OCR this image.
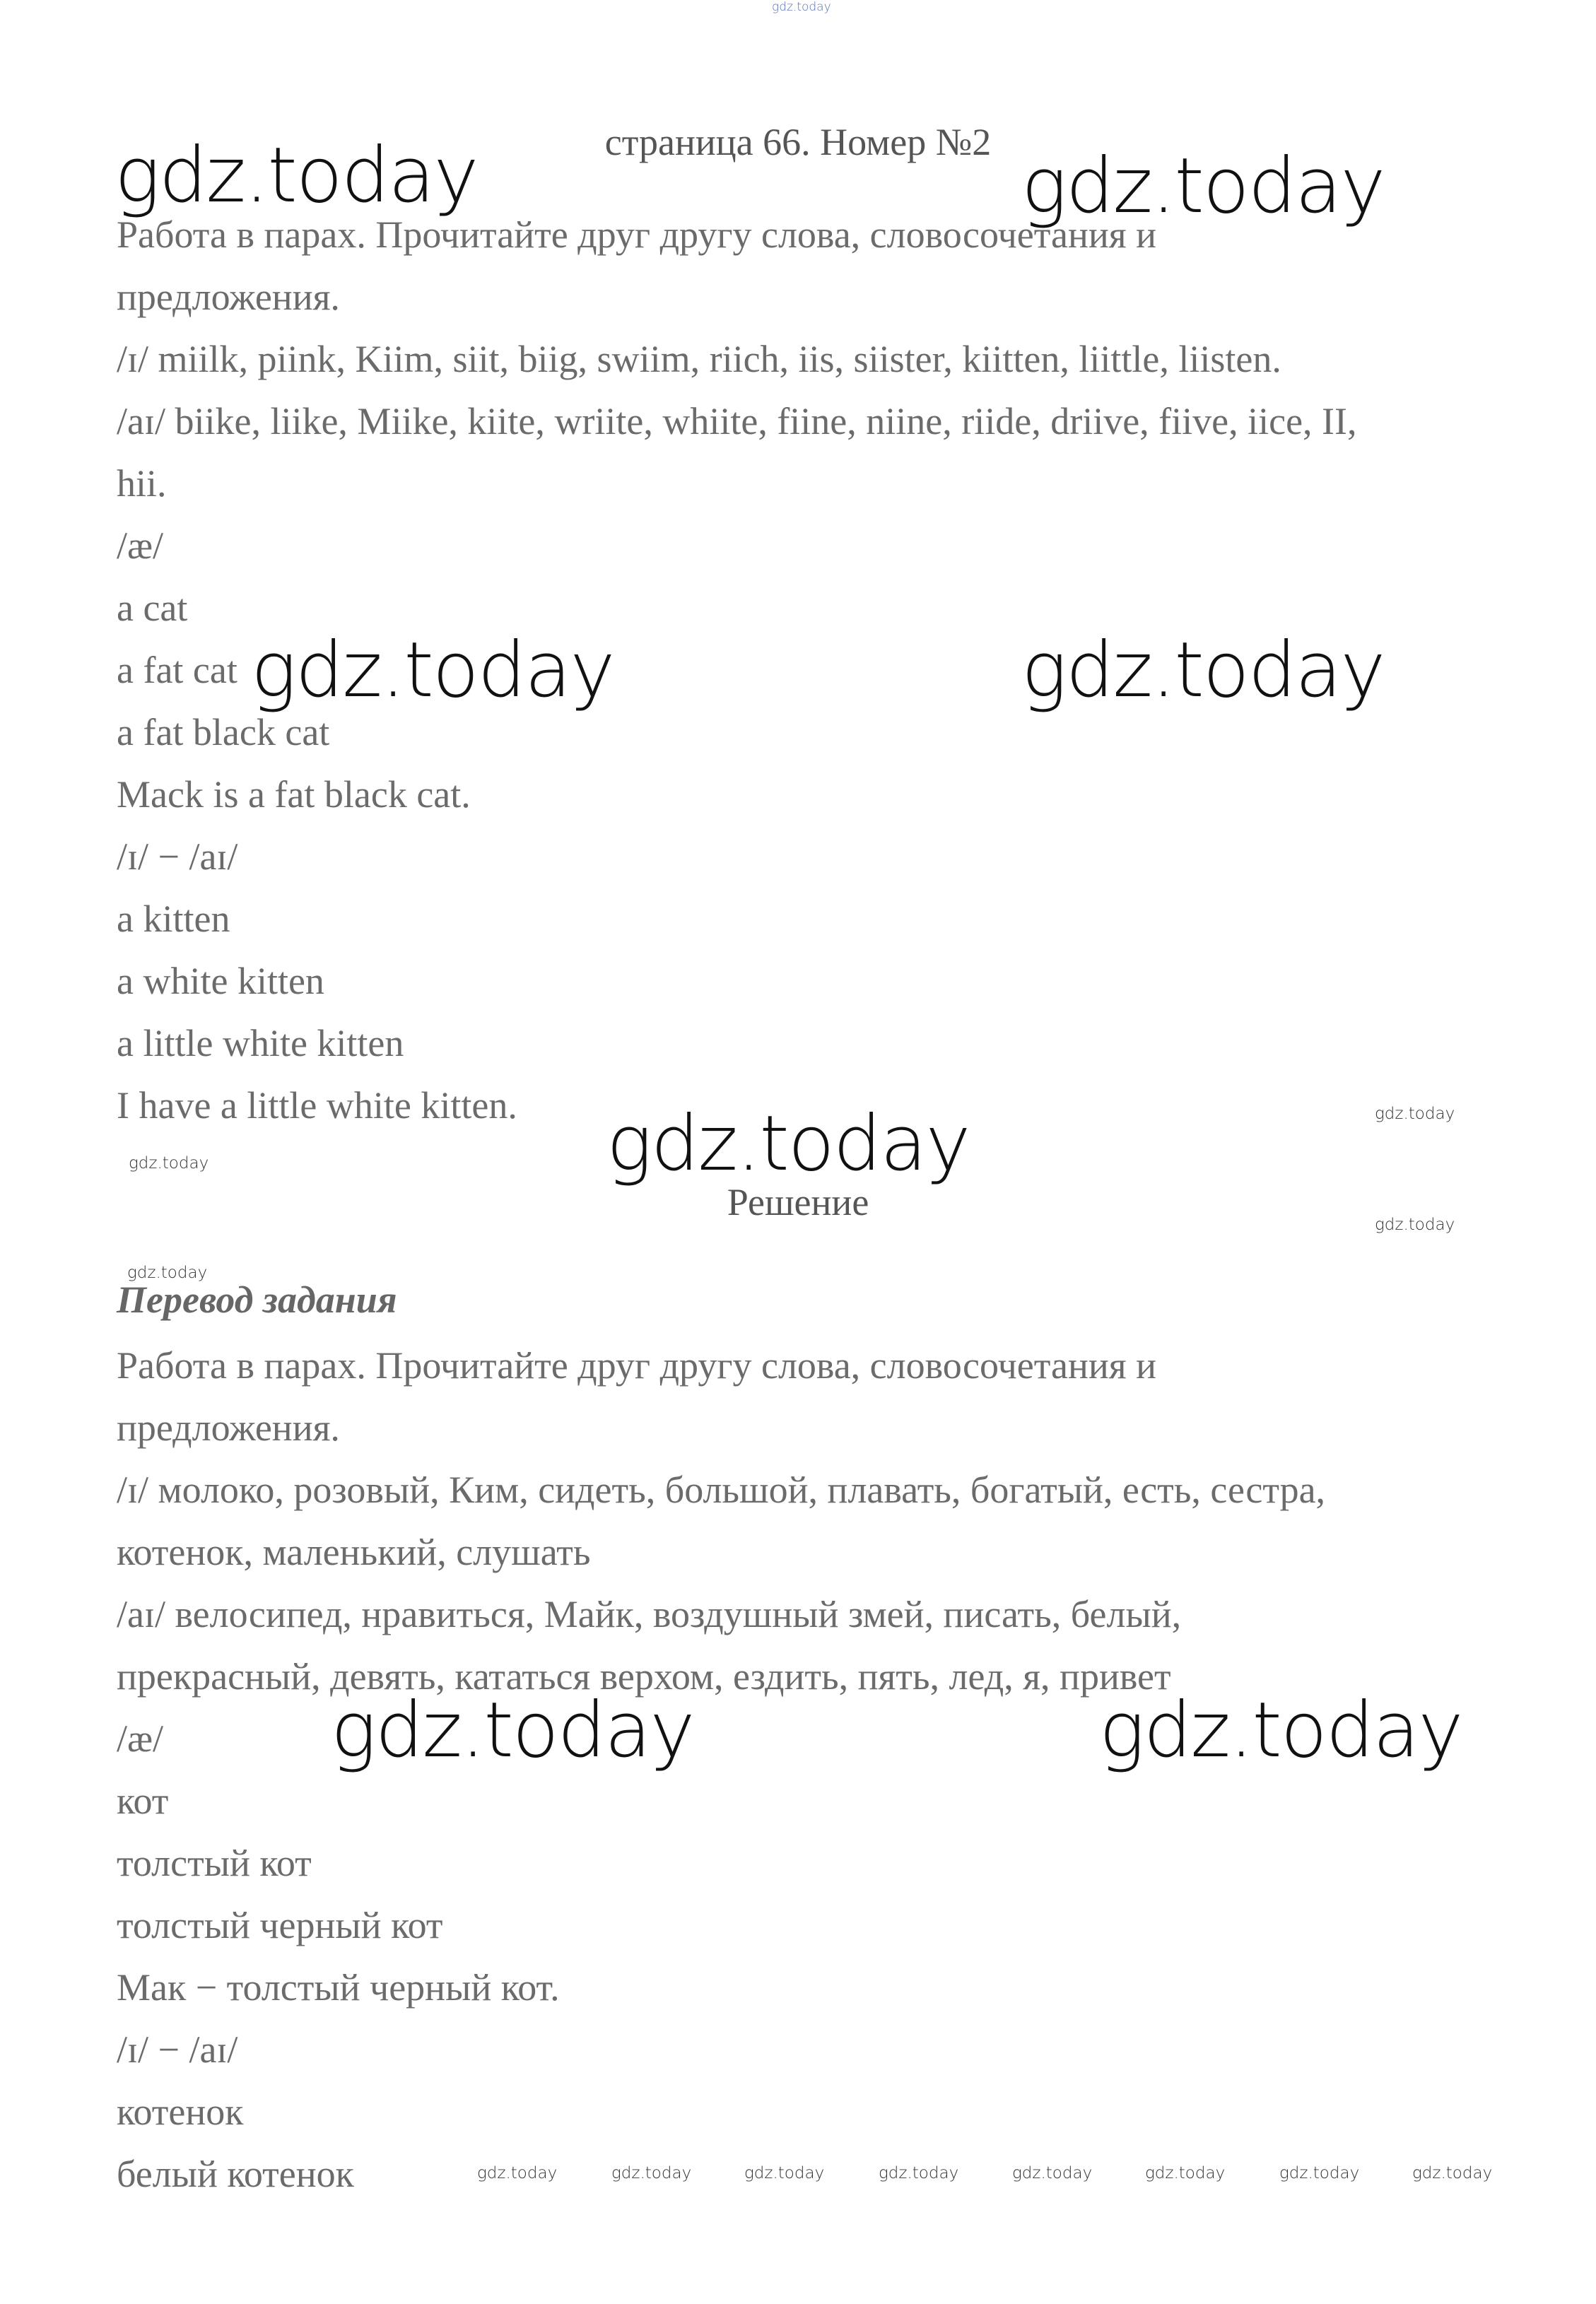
gdz.today
страница 66. Номер №2
Работа в парах. Прочитайте друг другу слова, словосочетания и
предложения.
/ɪ/ miilk, piink, Kiim, siit, biig, swiim, riich, iis, siister, kiitten, liittle, liisten.
/aɪ/ biike, liike, Miike, kiite, wriite, whiite, fiine, niine, riide, driive, fiive, iice, II,
hii.
/æ/
a cat
a fat cat
a fat black cat
Mack is a fat black cat.
/ɪ/ − /aɪ/
a kitten
a white kitten
a little white kitten
I have a little white kitten.
Решение
Перевод задания
Работа в парах. Прочитайте друг другу слова, словосочетания и
предложения.
/ɪ/ молоко, розовый, Ким, сидеть, большой, плавать, богатый, есть, сестра,
котенок, маленький, слушать
/aɪ/ велосипед, нравиться, Майк, воздушный змей, писать, белый,
прекрасный, девять, кататься верхом, ездить, пять, лед, я, привет
/æ/
кот
толстый кот
толстый черный кот
Мак − толстый черный кот.
/ɪ/ − /aɪ/
котенок
белый котенок
gdz.today	gdz.today
gdz.today	gdz.today
gdz.today
gdz.today	gdz.today
gdz.today
gdz.today
gdz.today
gdz.today
gdz.today	gdz.today	gdz.today	gdz.today	gdz.today	gdz.today	gdz.today	gdz.today
